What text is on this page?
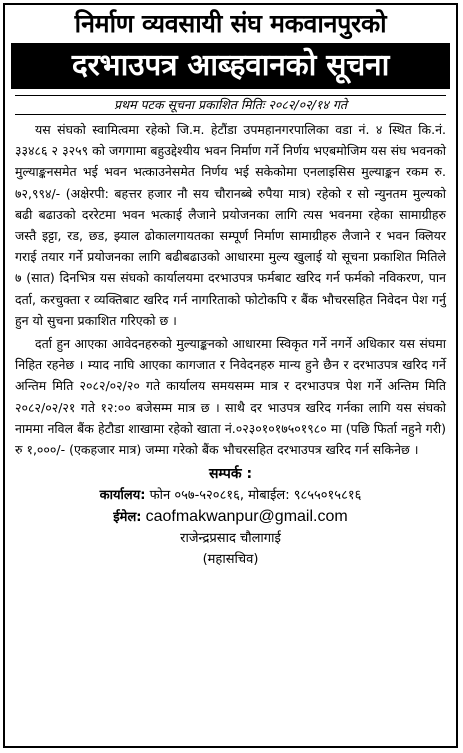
निर्माण व्यवसायी संघ मकवानपुरको
दरभाउपत्र आब्हवानको सूचना
प्रथम पटक सूचना प्रकाशित मितिः २०८२/०२/१४ गते

यस संघको स्वामित्वमा रहेको जि.म. हेटौंडा उपमहानगरपालिका वडा नं. ४ स्थित कि.नं. ३३४८६ २ ३२५९ को जगगामा बहुउद्देश्यीय भवन निर्माण गर्ने निर्णय भएबमोजिम यस संघ भवनको मुल्याङ्कनसमेत भई भवन भत्काउनेसमेत निर्णय भई सकेकोमा एनलाइसिस मुल्याङ्कन रकम रु. ७२,९९४/- (अक्षेरपी: बहत्तर हजार नौ सय चौरानब्बे रुपैया मात्र) रहेको र सो न्युनतम मुल्यको बढी बढाउको दररेटमा भवन भत्काई लैजाने प्रयोजनका लागि त्यस भवनमा रहेका सामाग्रीहरु जस्तै इट्टा, रड, छड, झ्याल ढोकालगायतका सम्पूर्ण निर्माण सामाग्रीहरु लैजाने र भवन क्लियर गराई तयार गर्ने प्रयोजनका लागि बढीबढाउको आधारमा मुल्य खुलाई यो सूचना प्रकाशित मितिले ७ (सात) दिनभित्र यस संघको कार्यालयमा दरभाउपत्र फर्मबाट खरिद गर्न फर्मको नविकरण, पान दर्ता, करचुक्ता र व्यक्तिबाट खरिद गर्न नागरिताको फोटोकपि र बैंक भौचरसहित निवेदन पेश गर्नु हुन यो सुचना प्रकाशित गरिएको छ ।

दर्ता हुन आएका आवेदनहरुको मुल्याङ्कनको आधारमा स्विकृत गर्ने नगर्ने अधिकार यस संघमा निहित रहनेछ । म्याद नाघि आएका कागजात र निवेदनहरु मान्य हुने छैन र दरभाउपत्र खरिद गर्ने अन्तिम मिति २०८२/०२/२० गते कार्यालय समयसम्म मात्र र दरभाउपत्र पेश गर्ने अन्तिम मिति २०८२/०२/२१ गते १२:०० बजेसम्म मात्र छ । साथै दर भाउपत्र खरिद गर्नका लागि यस संघको नाममा नविल बैंक हेटौडा शाखामा रहेको खाता नं.०२३०१०१७५०१९८० मा (पछि फिर्ता नहुने गरी) रु १,०००/- (एकहजार मात्र) जम्मा गरेको बैंक भौचरसहित दरभाउपत्र खरिद गर्न सकिनेछ ।

सम्पर्क :
कार्यालय: फोन ०५७-५२०८१६, मोबाईल: ९८५५०१५८१६
ईमेल: caofmakwanpur@gmail.com
राजेन्द्रप्रसाद चौलागाई
(महासचिव)
